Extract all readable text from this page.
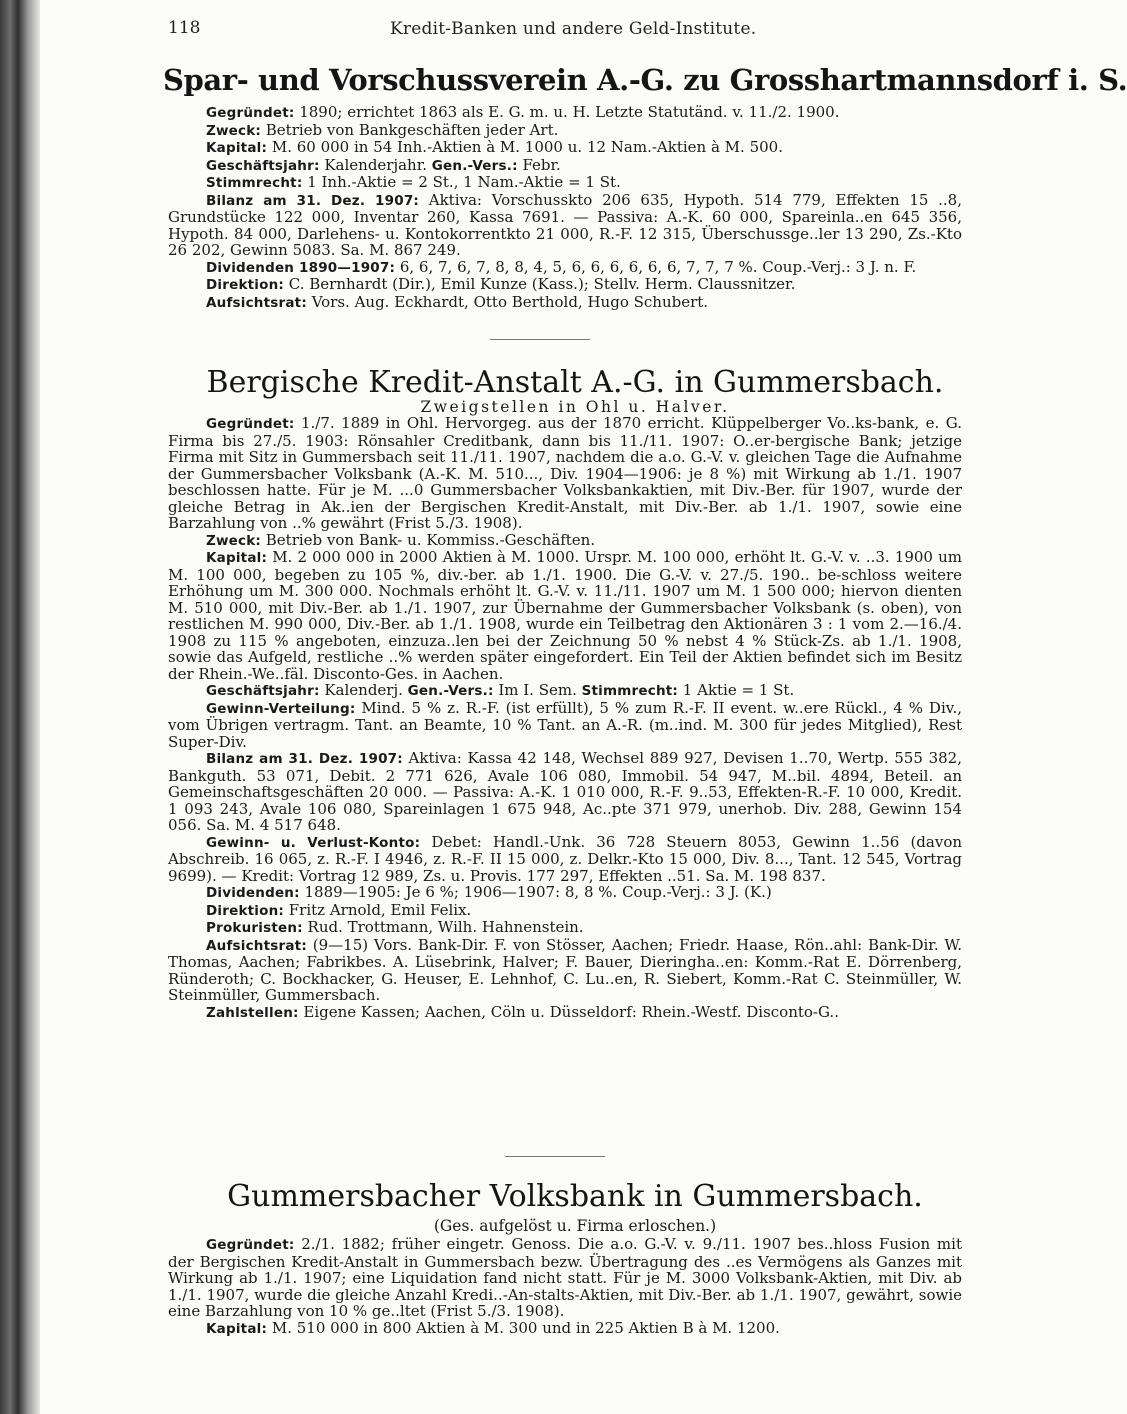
118	Kredit-Banken und andere Geld-Institute.
Spar- und Vorschussverein A.-G. zu Grosshartmannsdorf i. S.

Gegründet: 1890; errichtet 1863 als E. G. m. u. H. Letzte Statutänd. v. 11./2. 1900.

Zweck: Betrieb von Bankgeschäften jeder Art.

Kapital: M. 60 000 in 54 Inh.-Aktien à M. 1000 u. 12 Nam.-Aktien à M. 500.

Geschäftsjahr: Kalenderjahr. Gen.-Vers.: Febr.

Stimmrecht: 1 Inh.-Aktie = 2 St., 1 Nam.-Aktie = 1 St.

Bilanz am 31. Dez. 1907: Aktiva: Vorschusskto 206 635, Hypoth. 514 779, Effekten 15 ..8, Grundstücke 122 000, Inventar 260, Kassa 7691. — Passiva: A.-K. 60 000, Spareinla..en 645 356, Hypoth. 84 000, Darlehens- u. Kontokorrentkto 21 000, R.-F. 12 315, Überschussge..ler 13 290, Zs.-Kto 26 202, Gewinn 5083. Sa. M. 867 249.

Dividenden 1890—1907: 6, 6, 7, 6, 7, 8, 8, 4, 5, 6, 6, 6, 6, 6, 6, 7, 7, 7 %. Coup.-Verj.: 3 J. n. F.

Direktion: C. Bernhardt (Dir.), Emil Kunze (Kass.); Stellv. Herm. Claussnitzer.

Aufsichtsrat: Vors. Aug. Eckhardt, Otto Berthold, Hugo Schubert.

Bergische Kredit-Anstalt A.-G. in Gummersbach.
Zweigstellen in Ohl u. Halver.

Gegründet: 1./7. 1889 in Ohl. Hervorgeg. aus der 1870 erricht. Klüppelberger Vo..ks-bank, e. G. Firma bis 27./5. 1903: Rönsahler Creditbank, dann bis 11./11. 1907: O..er-bergische Bank; jetzige Firma mit Sitz in Gummersbach seit 11./11. 1907, nachdem die a.o. G.-V. v. gleichen Tage die Aufnahme der Gummersbacher Volksbank (A.-K. M. 510..., Div. 1904—1906: je 8 %) mit Wirkung ab 1./1. 1907 beschlossen hatte. Für je M. ...0 Gummersbacher Volksbankaktien, mit Div.-Ber. für 1907, wurde der gleiche Betrag in Ak..ien der Bergischen Kredit-Anstalt, mit Div.-Ber. ab 1./1. 1907, sowie eine Barzahlung von ..% gewährt (Frist 5./3. 1908).

Zweck: Betrieb von Bank- u. Kommiss.-Geschäften.

Kapital: M. 2 000 000 in 2000 Aktien à M. 1000. Urspr. M. 100 000, erhöht lt. G.-V. v. ..3. 1900 um M. 100 000, begeben zu 105 %, div.-ber. ab 1./1. 1900. Die G.-V. v. 27./5. 190.. be-schloss weitere Erhöhung um M. 300 000. Nochmals erhöht lt. G.-V. v. 11./11. 1907 um M. 1 500 000; hiervon dienten M. 510 000, mit Div.-Ber. ab 1./1. 1907, zur Übernahme der Gummersbacher Volksbank (s. oben), von restlichen M. 990 000, Div.-Ber. ab 1./1. 1908, wurde ein Teilbetrag den Aktionären 3 : 1 vom 2.—16./4. 1908 zu 115 % angeboten, einzuza..len bei der Zeichnung 50 % nebst 4 % Stück-Zs. ab 1./1. 1908, sowie das Aufgeld, restliche ..% werden später eingefordert. Ein Teil der Aktien befindet sich im Besitz der Rhein.-We..fäl. Disconto-Ges. in Aachen.

Geschäftsjahr: Kalenderj. Gen.-Vers.: Im I. Sem. Stimmrecht: 1 Aktie = 1 St.

Gewinn-Verteilung: Mind. 5 % z. R.-F. (ist erfüllt), 5 % zum R.-F. II event. w..ere Rückl., 4 % Div., vom Übrigen vertragm. Tant. an Beamte, 10 % Tant. an A.-R. (m..ind. M. 300 für jedes Mitglied), Rest Super-Div.

Bilanz am 31. Dez. 1907: Aktiva: Kassa 42 148, Wechsel 889 927, Devisen 1..70, Wertp. 555 382, Bankguth. 53 071, Debit. 2 771 626, Avale 106 080, Immobil. 54 947, M..bil. 4894, Beteil. an Gemeinschaftsgeschäften 20 000. — Passiva: A.-K. 1 010 000, R.-F. 9..53, Effekten-R.-F. 10 000, Kredit. 1 093 243, Avale 106 080, Spareinlagen 1 675 948, Ac..pte 371 979, unerhob. Div. 288, Gewinn 154 056. Sa. M. 4 517 648.

Gewinn- u. Verlust-Konto: Debet: Handl.-Unk. 36 728 Steuern 8053, Gewinn 1..56 (davon Abschreib. 16 065, z. R.-F. I 4946, z. R.-F. II 15 000, z. Delkr.-Kto 15 000, Div. 8..., Tant. 12 545, Vortrag 9699). — Kredit: Vortrag 12 989, Zs. u. Provis. 177 297, Effekten ..51. Sa. M. 198 837.

Dividenden: 1889—1905: Je 6 %; 1906—1907: 8, 8 %. Coup.-Verj.: 3 J. (K.)

Direktion: Fritz Arnold, Emil Felix.

Prokuristen: Rud. Trottmann, Wilh. Hahnenstein.

Aufsichtsrat: (9—15) Vors. Bank-Dir. F. von Stösser, Aachen; Friedr. Haase, Rön..ahl: Bank-Dir. W. Thomas, Aachen; Fabrikbes. A. Lüsebrink, Halver; F. Bauer, Dieringha..en: Komm.-Rat E. Dörrenberg, Ründeroth; C. Bockhacker, G. Heuser, E. Lehnhof, C. Lu..en, R. Siebert, Komm.-Rat C. Steinmüller, W. Steinmüller, Gummersbach.

Zahlstellen: Eigene Kassen; Aachen, Cöln u. Düsseldorf: Rhein.-Westf. Disconto-G..

Gummersbacher Volksbank in Gummersbach.
(Ges. aufgelöst u. Firma erloschen.)

Gegründet: 2./1. 1882; früher eingetr. Genoss. Die a.o. G.-V. v. 9./11. 1907 bes..hloss Fusion mit der Bergischen Kredit-Anstalt in Gummersbach bezw. Übertragung des ..es Vermögens als Ganzes mit Wirkung ab 1./1. 1907; eine Liquidation fand nicht statt. Für je M. 3000 Volksbank-Aktien, mit Div. ab 1./1. 1907, wurde die gleiche Anzahl Kredi..-An-stalts-Aktien, mit Div.-Ber. ab 1./1. 1907, gewährt, sowie eine Barzahlung von 10 % ge..ltet (Frist 5./3. 1908).

Kapital: M. 510 000 in 800 Aktien à M. 300 und in 225 Aktien B à M. 1200.
